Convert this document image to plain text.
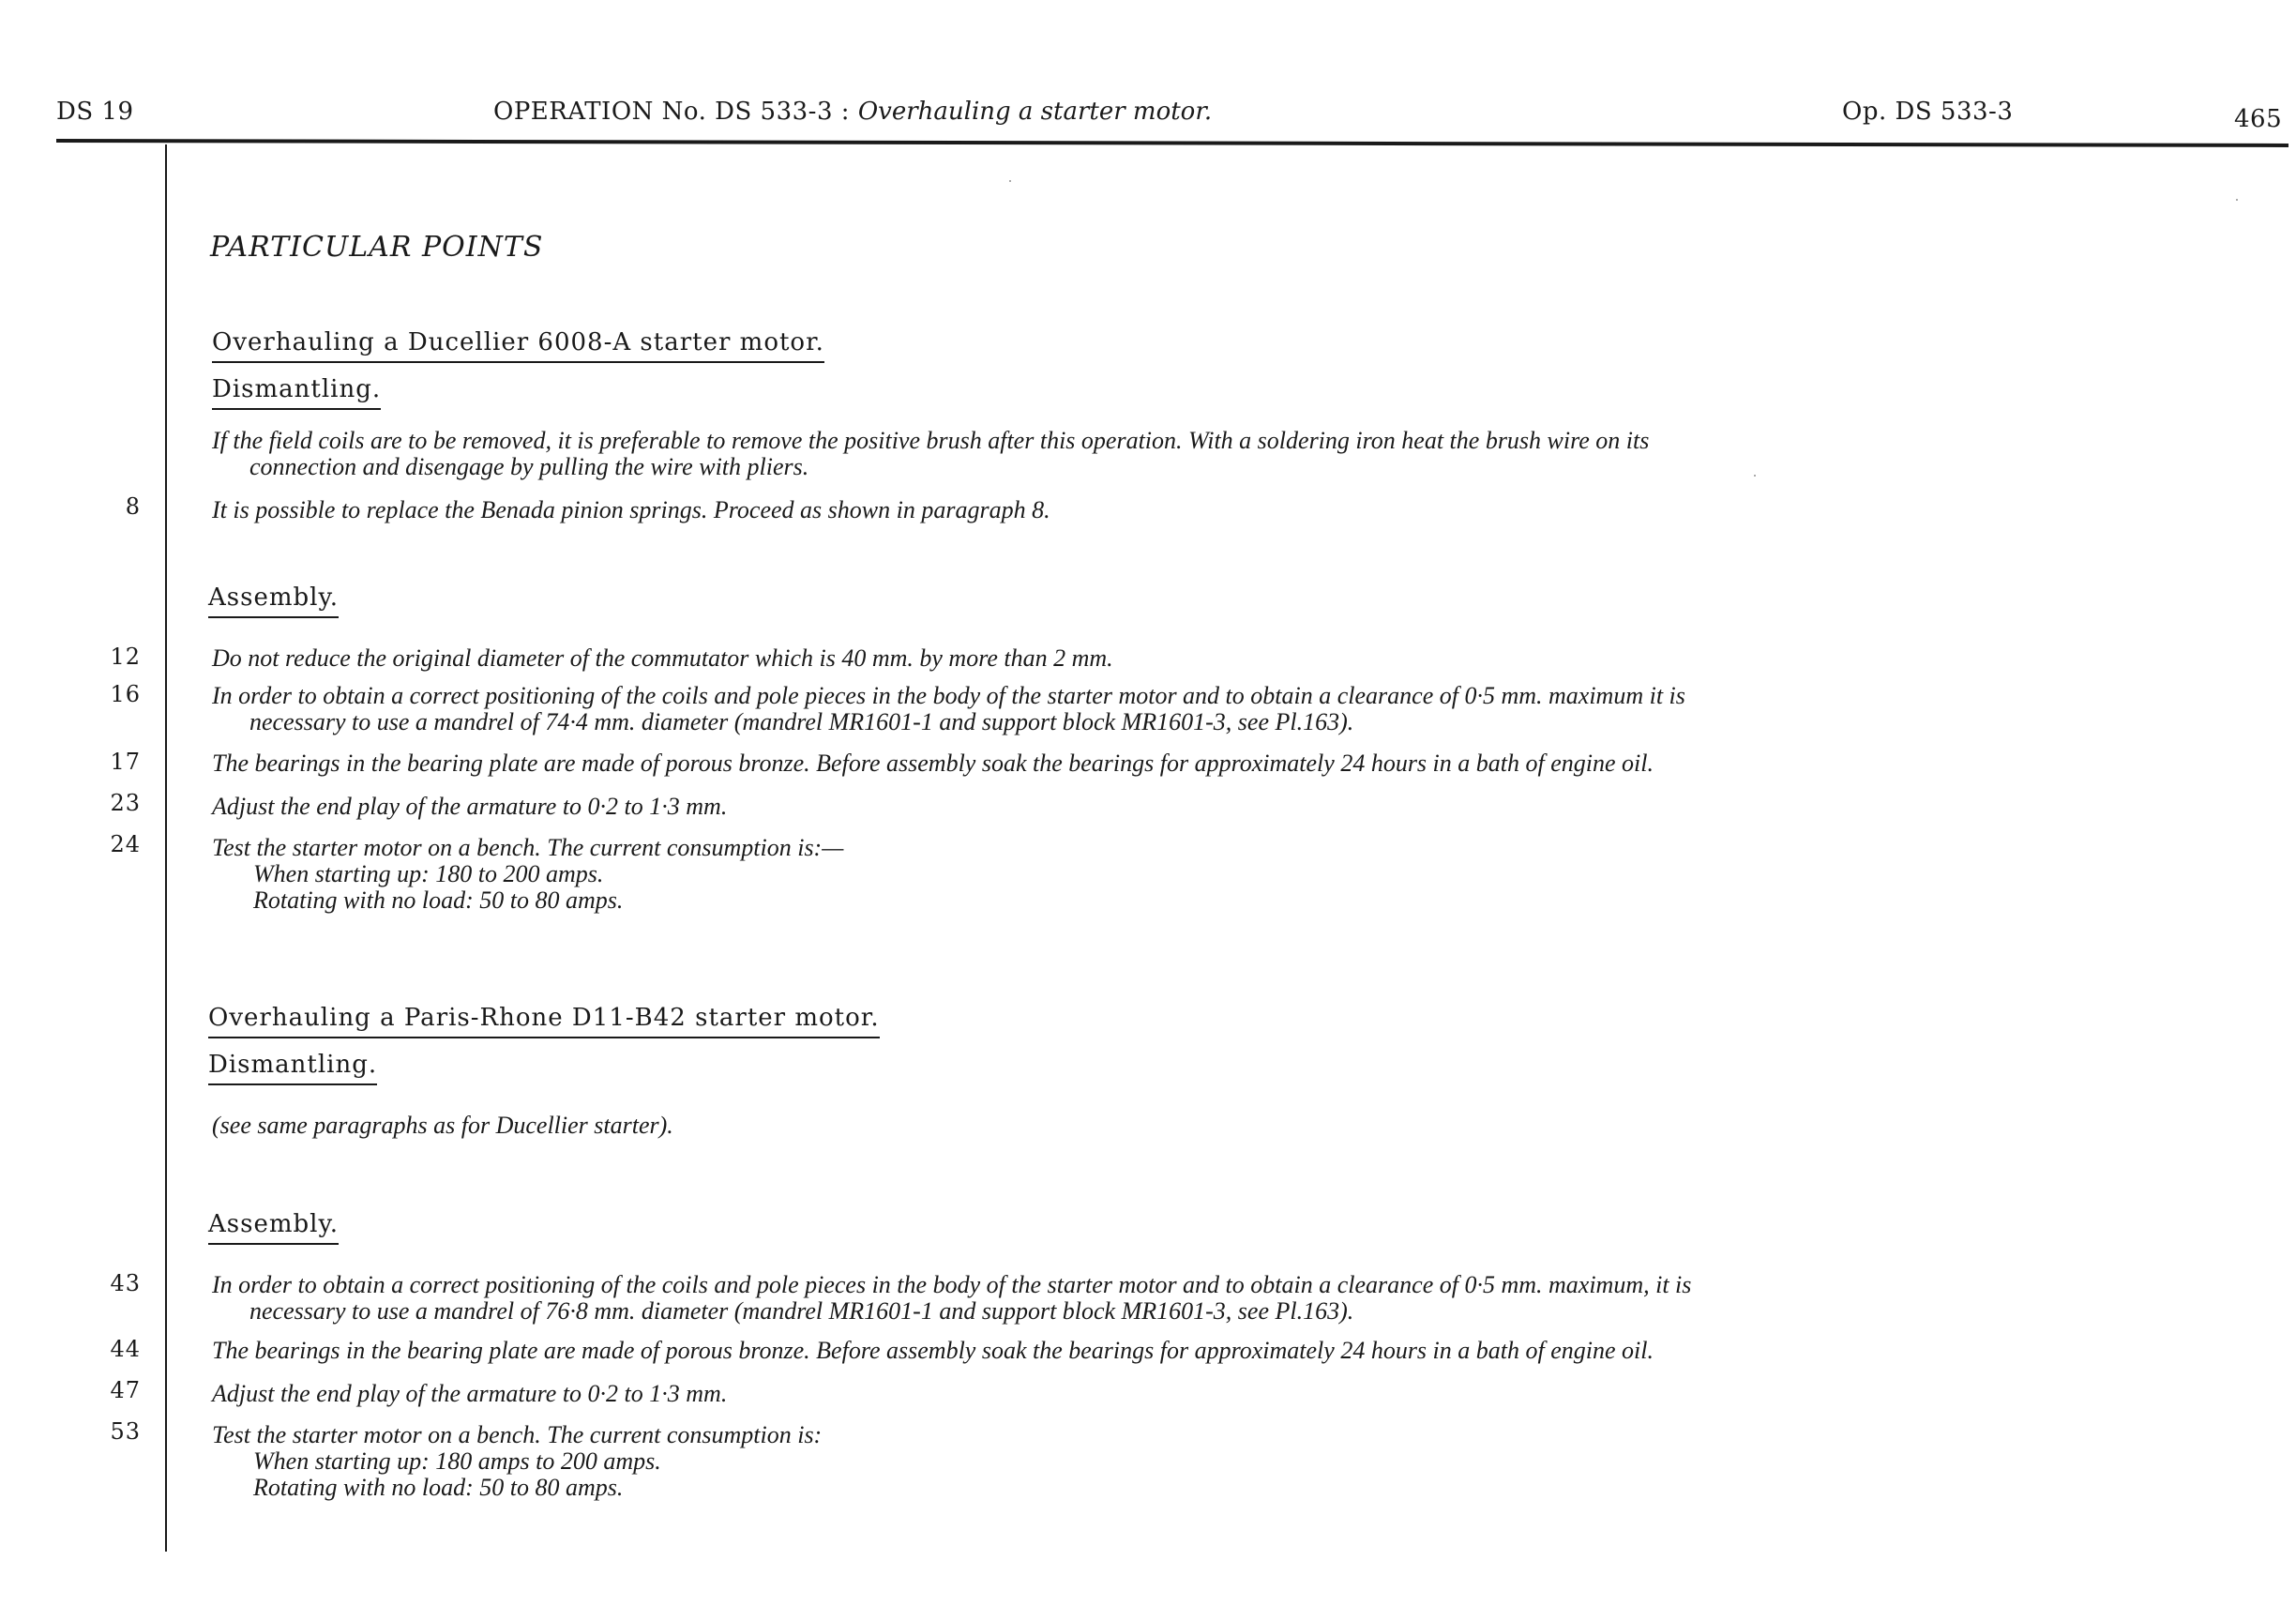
DS 19	OPERATION No. DS 533-3 : Overhauling a starter motor.	Op. DS 533-3	465
PARTICULAR POINTS
Overhauling a Ducellier 6008-A starter motor.
Dismantling.
If the field coils are to be removed, it is preferable to remove the positive brush after this operation. With a soldering iron heat the brush wire on its
connection and disengage by pulling the wire with pliers.
8	It is possible to replace the Benada pinion springs. Proceed as shown in paragraph 8.
Assembly.
12	Do not reduce the original diameter of the commutator which is 40 mm. by more than 2 mm.
16	In order to obtain a correct positioning of the coils and pole pieces in the body of the starter motor and to obtain a clearance of 0·5 mm. maximum it is
necessary to use a mandrel of 74·4 mm. diameter (mandrel MR1601-1 and support block MR1601-3, see Pl.163).
17	The bearings in the bearing plate are made of porous bronze. Before assembly soak the bearings for approximately 24 hours in a bath of engine oil.
23	Adjust the end play of the armature to 0·2 to 1·3 mm.
24	Test the starter motor on a bench. The current consumption is:—
When starting up: 180 to 200 amps.
Rotating with no load: 50 to 80 amps.
Overhauling a Paris-Rhone D11-B42 starter motor.
Dismantling.
(see same paragraphs as for Ducellier starter).
Assembly.
43	In order to obtain a correct positioning of the coils and pole pieces in the body of the starter motor and to obtain a clearance of 0·5 mm. maximum, it is
necessary to use a mandrel of 76·8 mm. diameter (mandrel MR1601-1 and support block MR1601-3, see Pl.163).
44	The bearings in the bearing plate are made of porous bronze. Before assembly soak the bearings for approximately 24 hours in a bath of engine oil.
47	Adjust the end play of the armature to 0·2 to 1·3 mm.
53	Test the starter motor on a bench. The current consumption is:
When starting up: 180 amps to 200 amps.
Rotating with no load: 50 to 80 amps.
